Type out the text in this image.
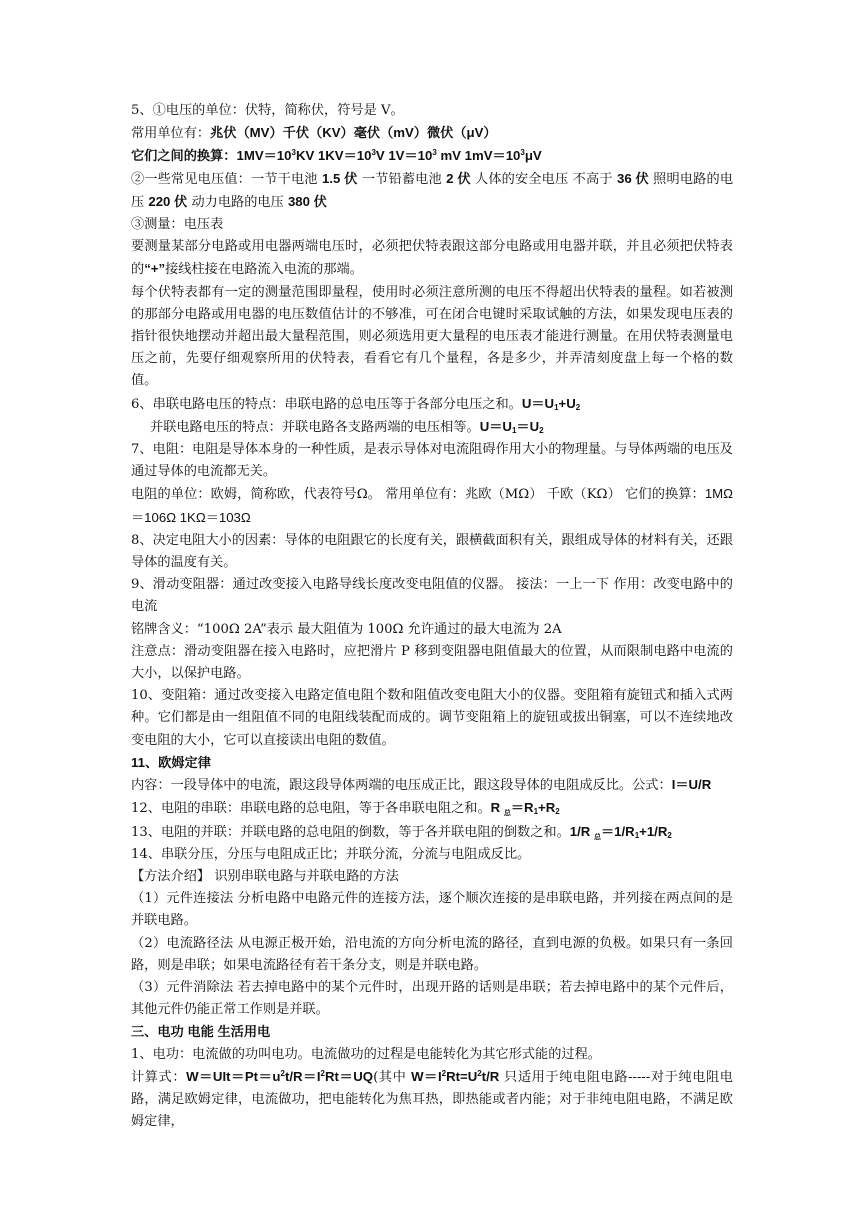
5、①电压的单位：伏特，简称伏，符号是 V。

常用单位有：兆伏（MV）千伏（KV）毫伏（mV）微伏（μV）

它们之间的换算：$1MV=10^3KV$ $1KV=10^3V$ $1V=10^3$ mV $1mV=10^3\mu V$

②一些常见电压值：一节干电池 1.5 伏 一节铅蓄电池 2 伏 人体的安全电压 不高于 36 伏 照明电路的电压 220 伏 动力电路的电压 380 伏

③测量：电压表

要测量某部分电路或用电器两端电压时，必须把伏特表跟这部分电路或用电器并联，并且必须把伏特表的“+”接线柱接在电路流入电流的那端。

每个伏特表都有一定的测量范围即量程，使用时必须注意所测的电压不得超出伏特表的量程。如若被测的那部分电路或用电器的电压数值估计的不够准，可在闭合电键时采取试触的方法，如果发现电压表的指针很快地摆动并超出最大量程范围，则必须选用更大量程的电压表才能进行测量。在用伏特表测量电压之前，先要仔细观察所用的伏特表，看看它有几个量程，各是多少，并弄清刻度盘上每一个格的数值。

6、串联电路电压的特点：串联电路的总电压等于各部分电压之和。$U=U_1+U_2$

并联电路电压的特点：并联电路各支路两端的电压相等。$U=U_1=U_2$

7、电阻：电阻是导体本身的一种性质，是表示导体对电流阻碍作用大小的物理量。与导体两端的电压及通过导体的电流都无关。

电阻的单位：欧姆，简称欧，代表符号Ω。 常用单位有：兆欧（MΩ） 千欧（KΩ） 它们的换算：1MΩ＝106Ω 1KΩ＝103Ω

8、决定电阻大小的因素：导体的电阻跟它的长度有关，跟横截面积有关，跟组成导体的材料有关，还跟导体的温度有关。

9、滑动变阻器：通过改变接入电路导线长度改变电阻值的仪器。 接法：一上一下 作用：改变电路中的电流

铭牌含义：“100Ω 2A”表示 最大阻值为 100Ω 允许通过的最大电流为 2A

注意点：滑动变阻器在接入电路时，应把滑片 P 移到变阻器电阻值最大的位置，从而限制电路中电流的大小，以保护电路。

10、变阻箱：通过改变接入电路定值电阻个数和阻值改变电阻大小的仪器。变阻箱有旋钮式和插入式两种。它们都是由一组阻值不同的电阻线装配而成的。调节变阻箱上的旋钮或拔出铜塞，可以不连续地改变电阻的大小，它可以直接读出电阻的数值。

11、欧姆定律

内容：一段导体中的电流，跟这段导体两端的电压成正比，跟这段导体的电阻成反比。公式：I＝U/R

12、电阻的串联：串联电路的总电阻，等于各串联电阻之和。R $_总=R_1+R_2$

13、电阻的并联：并联电路的总电阻的倒数，等于各并联电阻的倒数之和。1/R $_总=1/R_1+1/R_2$

14、串联分压，分压与电阻成正比；并联分流，分流与电阻成反比。

【方法介绍】 识别串联电路与并联电路的方法

（1）元件连接法 分析电路中电路元件的连接方法，逐个顺次连接的是串联电路，并列接在两点间的是并联电路。

（2）电流路径法 从电源正极开始，沿电流的方向分析电流的路径，直到电源的负极。如果只有一条回路，则是串联；如果电流路径有若干条分支，则是并联电路。

（3）元件消除法 若去掉电路中的某个元件时，出现开路的话则是串联；若去掉电路中的某个元件后，其他元件仍能正常工作则是并联。

三、电功 电能 生活用电

1、电功：电流做的功叫电功。电流做功的过程是电能转化为其它形式能的过程。

计算式：$W=UIt=Pt=u^2t/R=I^2Rt=UQ$(其中 $W=I^2Rt=U^2t/R$ 只适用于纯电阻电路-----对于纯电阻电路，满足欧姆定律，电流做功，把电能转化为焦耳热，即热能或者内能；对于非纯电阻电路，不满足欧姆定律，
